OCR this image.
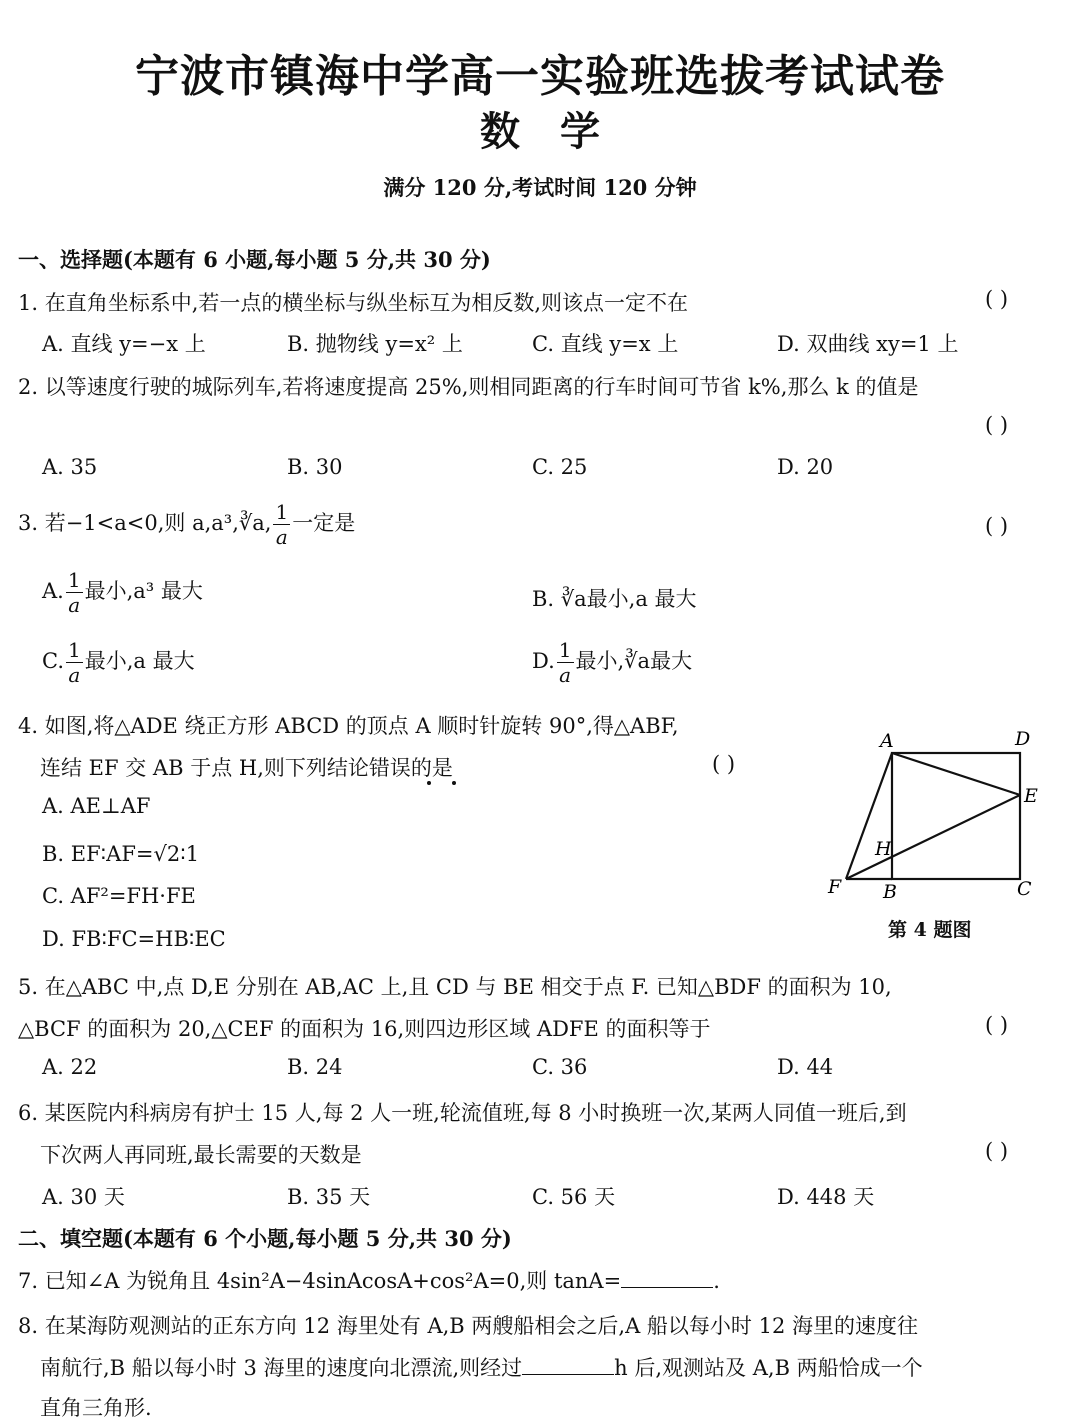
宁波市镇海中学高一实验班选拔考试试卷
数学
满分 120 分,考试时间 120 分钟
一、选择题(本题有 6 小题,每小题 5 分,共 30 分)
1. 在直角坐标系中,若一点的横坐标与纵坐标互为相反数,则该点一定不在	( )
A. 直线 y=−x 上	B. 抛物线 y=x² 上	C. 直线 y=x 上	D. 双曲线 xy=1 上
2. 以等速度行驶的城际列车,若将速度提高 25%,则相同距离的行车时间可节省 k%,那么 k 的值是
( )
A. 35	B. 30	C. 25	D. 20
3. 若−1<a<0,则 a,a³,∛a, $\frac{1}{a}$ 一定是	( )
A. $\frac{1}{a}$ 最小,a³ 最大	B. ∛a最小,a 最大
C. $\frac{1}{a}$ 最小,a 最大	D. $\frac{1}{a}$ 最小,∛a最大
4. 如图,将△ADE 绕正方形 ABCD 的顶点 A 顺时针旋转 90°,得△ABF,
连结 EF 交 AB 于点 H,则下列结论错误的是	( )
A. AE⊥AF
B. EF∶AF=√2∶1
C. AF²=FH·FE
D. FB∶FC=HB∶EC
A	D
E
H
F B	C
第 4 题图
5. 在△ABC 中,点 D,E 分别在 AB,AC 上,且 CD 与 BE 相交于点 F. 已知△BDF 的面积为 10,
△BCF 的面积为 20,△CEF 的面积为 16,则四边形区域 ADFE 的面积等于	( )
A. 22	B. 24	C. 36	D. 44
6. 某医院内科病房有护士 15 人,每 2 人一班,轮流值班,每 8 小时换班一次,某两人同值一班后,到
下次两人再同班,最长需要的天数是	( )
A. 30 天	B. 35 天	C. 56 天	D. 448 天
二、填空题(本题有 6 个小题,每小题 5 分,共 30 分)
7. 已知∠A 为锐角且 4sin²A−4sinAcosA+cos²A=0,则 tanA=	.
8. 在某海防观测站的正东方向 12 海里处有 A,B 两艘船相会之后,A 船以每小时 12 海里的速度往
南航行,B 船以每小时 3 海里的速度向北漂流,则经过	h 后,观测站及 A,B 两船恰成一个
直角三角形.
